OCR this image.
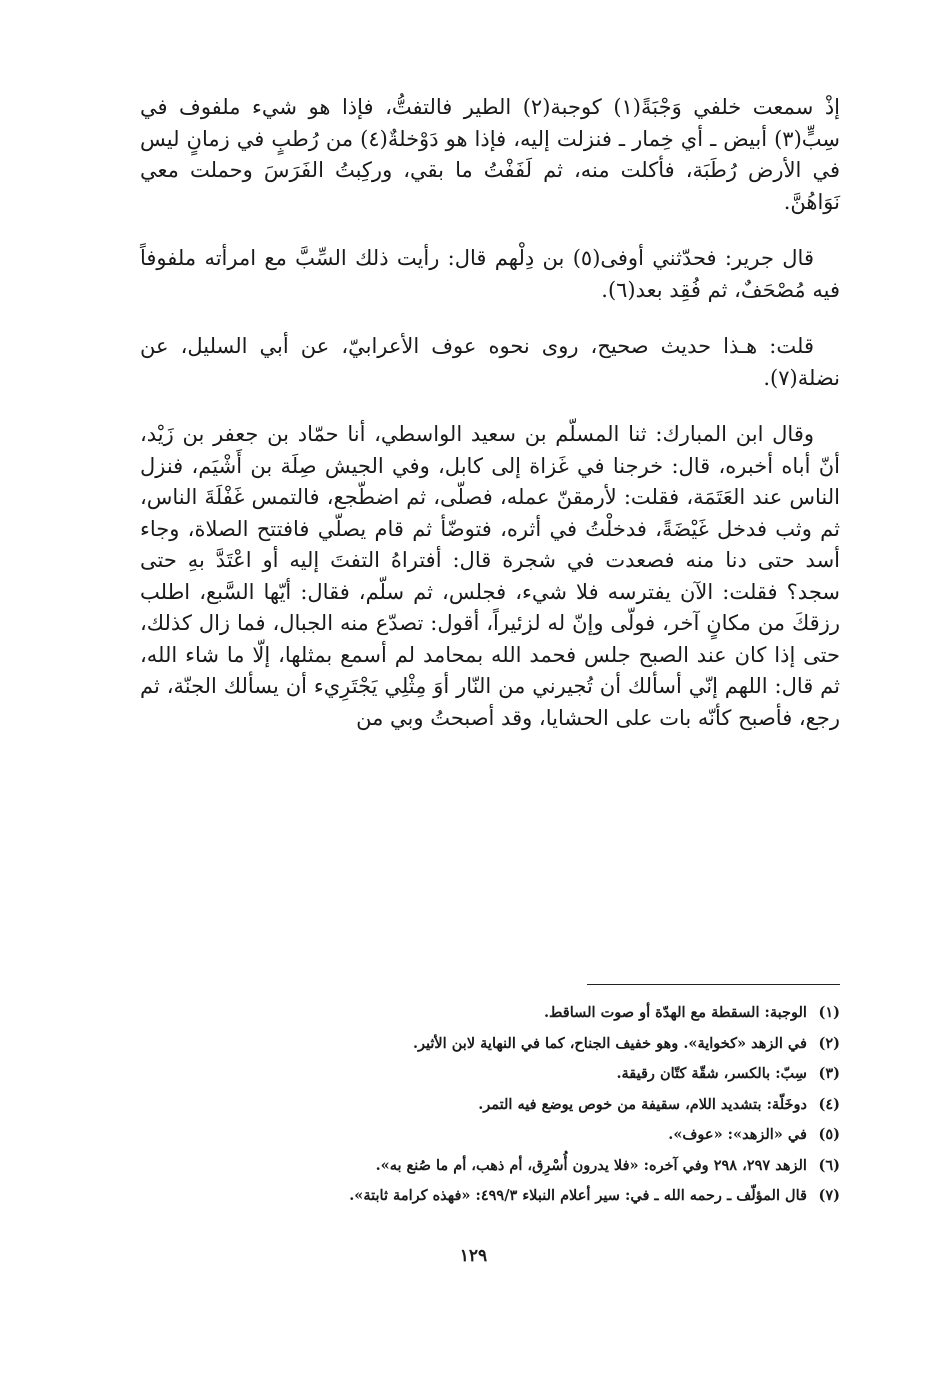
إذْ سمعت خلفي وَجْبَةً(١) كوجبة(٢) الطير فالتفتُّ، فإذا هو شيء ملفوف في سِبٍّ(٣) أبيض ـ أي خِمار ـ فنزلت إليه، فإذا هو دَوْخلةٌ(٤) من رُطبٍ في زمانٍ ليس في الأرض رُطَبَة، فأكلت منه، ثم لَفَفْتُ ما بقي، وركِبتُ الفَرَسَ وحملت معي نَوَاهُنَّ.

قال جرير: فحدّثني أوفى(٥) بن دِلْهم قال: رأيت ذلك السِّبَّ مع امرأته ملفوفاً فيه مُصْحَفٌ، ثم فُقِد بعد(٦).

قلت: هـذا حديث صحيح، روى نحوه عوف الأعرابيّ، عن أبي السليل، عن نضلة(٧).

وقال ابن المبارك: ثنا المسلّم بن سعيد الواسطي، أنا حمّاد بن جعفر بن زَيْد، أنّ أباه أخبره، قال: خرجنا في غَزاة إلى كابل، وفي الجيش صِلَة بن أَشْيَم، فنزل الناس عند العَتَمَة، فقلت: لأرمقنّ عمله، فصلّى، ثم اضطّجع، فالتمس غَفْلَةَ الناس، ثم وثب فدخل غَيْضَةً، فدخلْتُ في أثره، فتوضّأ ثم قام يصلّي فافتتح الصلاة، وجاء أسد حتى دنا منه فصعدت في شجرة قال: أفتراهُ التفتَ إليه أو اعْتَدَّ بهِ حتى سجد؟ فقلت: الآن يفترسه فلا شيء، فجلس، ثم سلّم، فقال: أيّها السَّبع، اطلب رزقكَ من مكانٍ آخر، فولّى وإنّ له لزئيراً، أقول: تصدّع منه الجبال، فما زال كذلك، حتى إذا كان عند الصبح جلس فحمد الله بمحامد لم أسمع بمثلها، إلّا ما شاء الله، ثم قال: اللهم إنّي أسألك أن تُجيرني من النّار أوَ مِثْلِي يَجْتَرِيء أن يسألك الجنّة، ثم رجع، فأصبح كأنّه بات على الحشايا، وقد أصبحتُ وبي من

(١) الوجبة: السقطة مع الهدّة أو صوت الساقط.
(٢) في الزهد «كخواية». وهو خفيف الجناح، كما في النهاية لابن الأثير.
(٣) سِبّ: بالكسر، شقّة كتّان رقيقة.
(٤) دوخَلّة: بتشديد اللام، سقيفة من خوص يوضع فيه التمر.
(٥) في «الزهد»: «عوف».
(٦) الزهد ٢٩٧، ٢٩٨ وفي آخره: «فلا يدرون أُسْرِق، أم ذهب، أم ما صُنع به».
(٧) قال المؤلّف ـ رحمه الله ـ في: سير أعلام النبلاء ٤٩٩/٣: «فهذه كرامة ثابتة».
١٢٩
